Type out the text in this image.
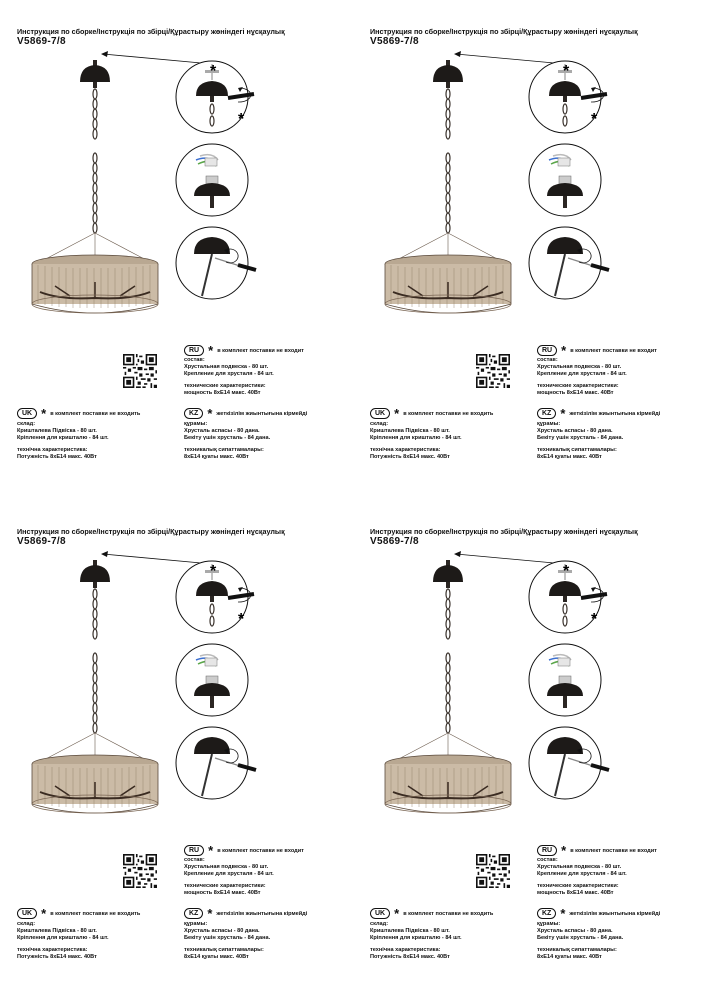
Инструкция по сборке/Інструкція по збірці/Құрастыру жөніндегі нұсқаулық
V5869-7/8
*
*
RU * в комплект поставки не входит
состав:
Хрустальная подвеска - 80 шт.
Крепление для хрусталя - 84 шт.
технические характеристики:
мощность 8xE14 макс. 40Вт
UK * в комплект поставки не входить
склад:
Кришталева Підвіска - 80 шт.
Кріплення для кришталю - 84 шт.
технічна характеристика:
Потужність 8xE14 макс. 40Вт
KZ * жеткізілім жиынтығына кірмейді
құрамы:
Хрусталь аспасы - 80 дана.
Бекіту үшін хрусталь - 84 дана.
техникалық сипаттамалары:
8xE14 қуаты макс. 40Вт
Инструкция по сборке/Інструкція по збірці/Құрастыру жөніндегі нұсқаулық
V5869-7/8
*
*
RU * в комплект поставки не входит
состав:
Хрустальная подвеска - 80 шт.
Крепление для хрусталя - 84 шт.
технические характеристики:
мощность 8xE14 макс. 40Вт
UK * в комплект поставки не входить
склад:
Кришталева Підвіска - 80 шт.
Кріплення для кришталю - 84 шт.
технічна характеристика:
Потужність 8xE14 макс. 40Вт
KZ * жеткізілім жиынтығына кірмейді
құрамы:
Хрусталь аспасы - 80 дана.
Бекіту үшін хрусталь - 84 дана.
техникалық сипаттамалары:
8xE14 қуаты макс. 40Вт
Инструкция по сборке/Інструкція по збірці/Құрастыру жөніндегі нұсқаулық
V5869-7/8
*
*
RU * в комплект поставки не входит
состав:
Хрустальная подвеска - 80 шт.
Крепление для хрусталя - 84 шт.
технические характеристики:
мощность 8xE14 макс. 40Вт
UK * в комплект поставки не входить
склад:
Кришталева Підвіска - 80 шт.
Кріплення для кришталю - 84 шт.
технічна характеристика:
Потужність 8xE14 макс. 40Вт
KZ * жеткізілім жиынтығына кірмейді
құрамы:
Хрусталь аспасы - 80 дана.
Бекіту үшін хрусталь - 84 дана.
техникалық сипаттамалары:
8xE14 қуаты макс. 40Вт
Инструкция по сборке/Інструкція по збірці/Құрастыру жөніндегі нұсқаулық
V5869-7/8
*
*
RU * в комплект поставки не входит
состав:
Хрустальная подвеска - 80 шт.
Крепление для хрусталя - 84 шт.
технические характеристики:
мощность 8xE14 макс. 40Вт
UK * в комплект поставки не входить
склад:
Кришталева Підвіска - 80 шт.
Кріплення для кришталю - 84 шт.
технічна характеристика:
Потужність 8xE14 макс. 40Вт
KZ * жеткізілім жиынтығына кірмейді
құрамы:
Хрусталь аспасы - 80 дана.
Бекіту үшін хрусталь - 84 дана.
техникалық сипаттамалары:
8xE14 қуаты макс. 40Вт
